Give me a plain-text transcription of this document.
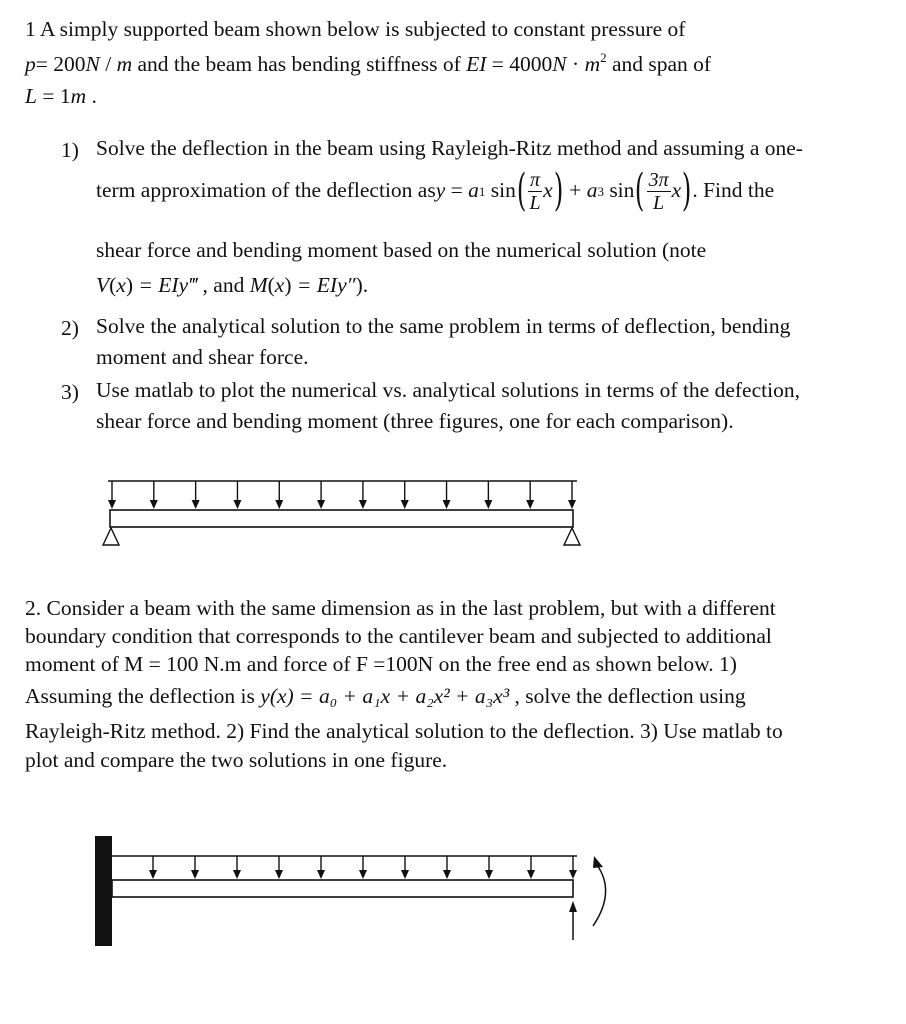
1 A simply supported beam shown below is subjected to constant pressure of
p= 200N / m and the beam has bending stiffness of EI = $4000N \cdot m^2$ and span of
L = 1m .
1) Solve the deflection in the beam using Rayleigh-Ritz method and assuming a one-
term approximation of the deflection as y = a 1 sin ( $\frac{\pi}{L}$ x ) + a 3 sin ( $\frac{3\pi}{L}$ x ) . Find the
shear force and bending moment based on the numerical solution (note
V(x) = EIy‴ , and M(x) = EIy″).
2) Solve the analytical solution to the same problem in terms of deflection, bending
moment and shear force.
3) Use matlab to plot the numerical vs. analytical solutions in terms of the defection,
shear force and bending moment (three figures, one for each comparison).
2. Consider a beam with the same dimension as in the last problem, but with a different
boundary condition that corresponds to the cantilever beam and subjected to additional
moment of M = 100 N.m and force of F =100N on the free end as shown below. 1)
Assuming the deflection is y(x) = a₀ + a₁x + a₂x² + a₃x³ , solve the deflection using
Rayleigh-Ritz method. 2) Find the analytical solution to the deflection. 3) Use matlab to
plot and compare the two solutions in one figure.
